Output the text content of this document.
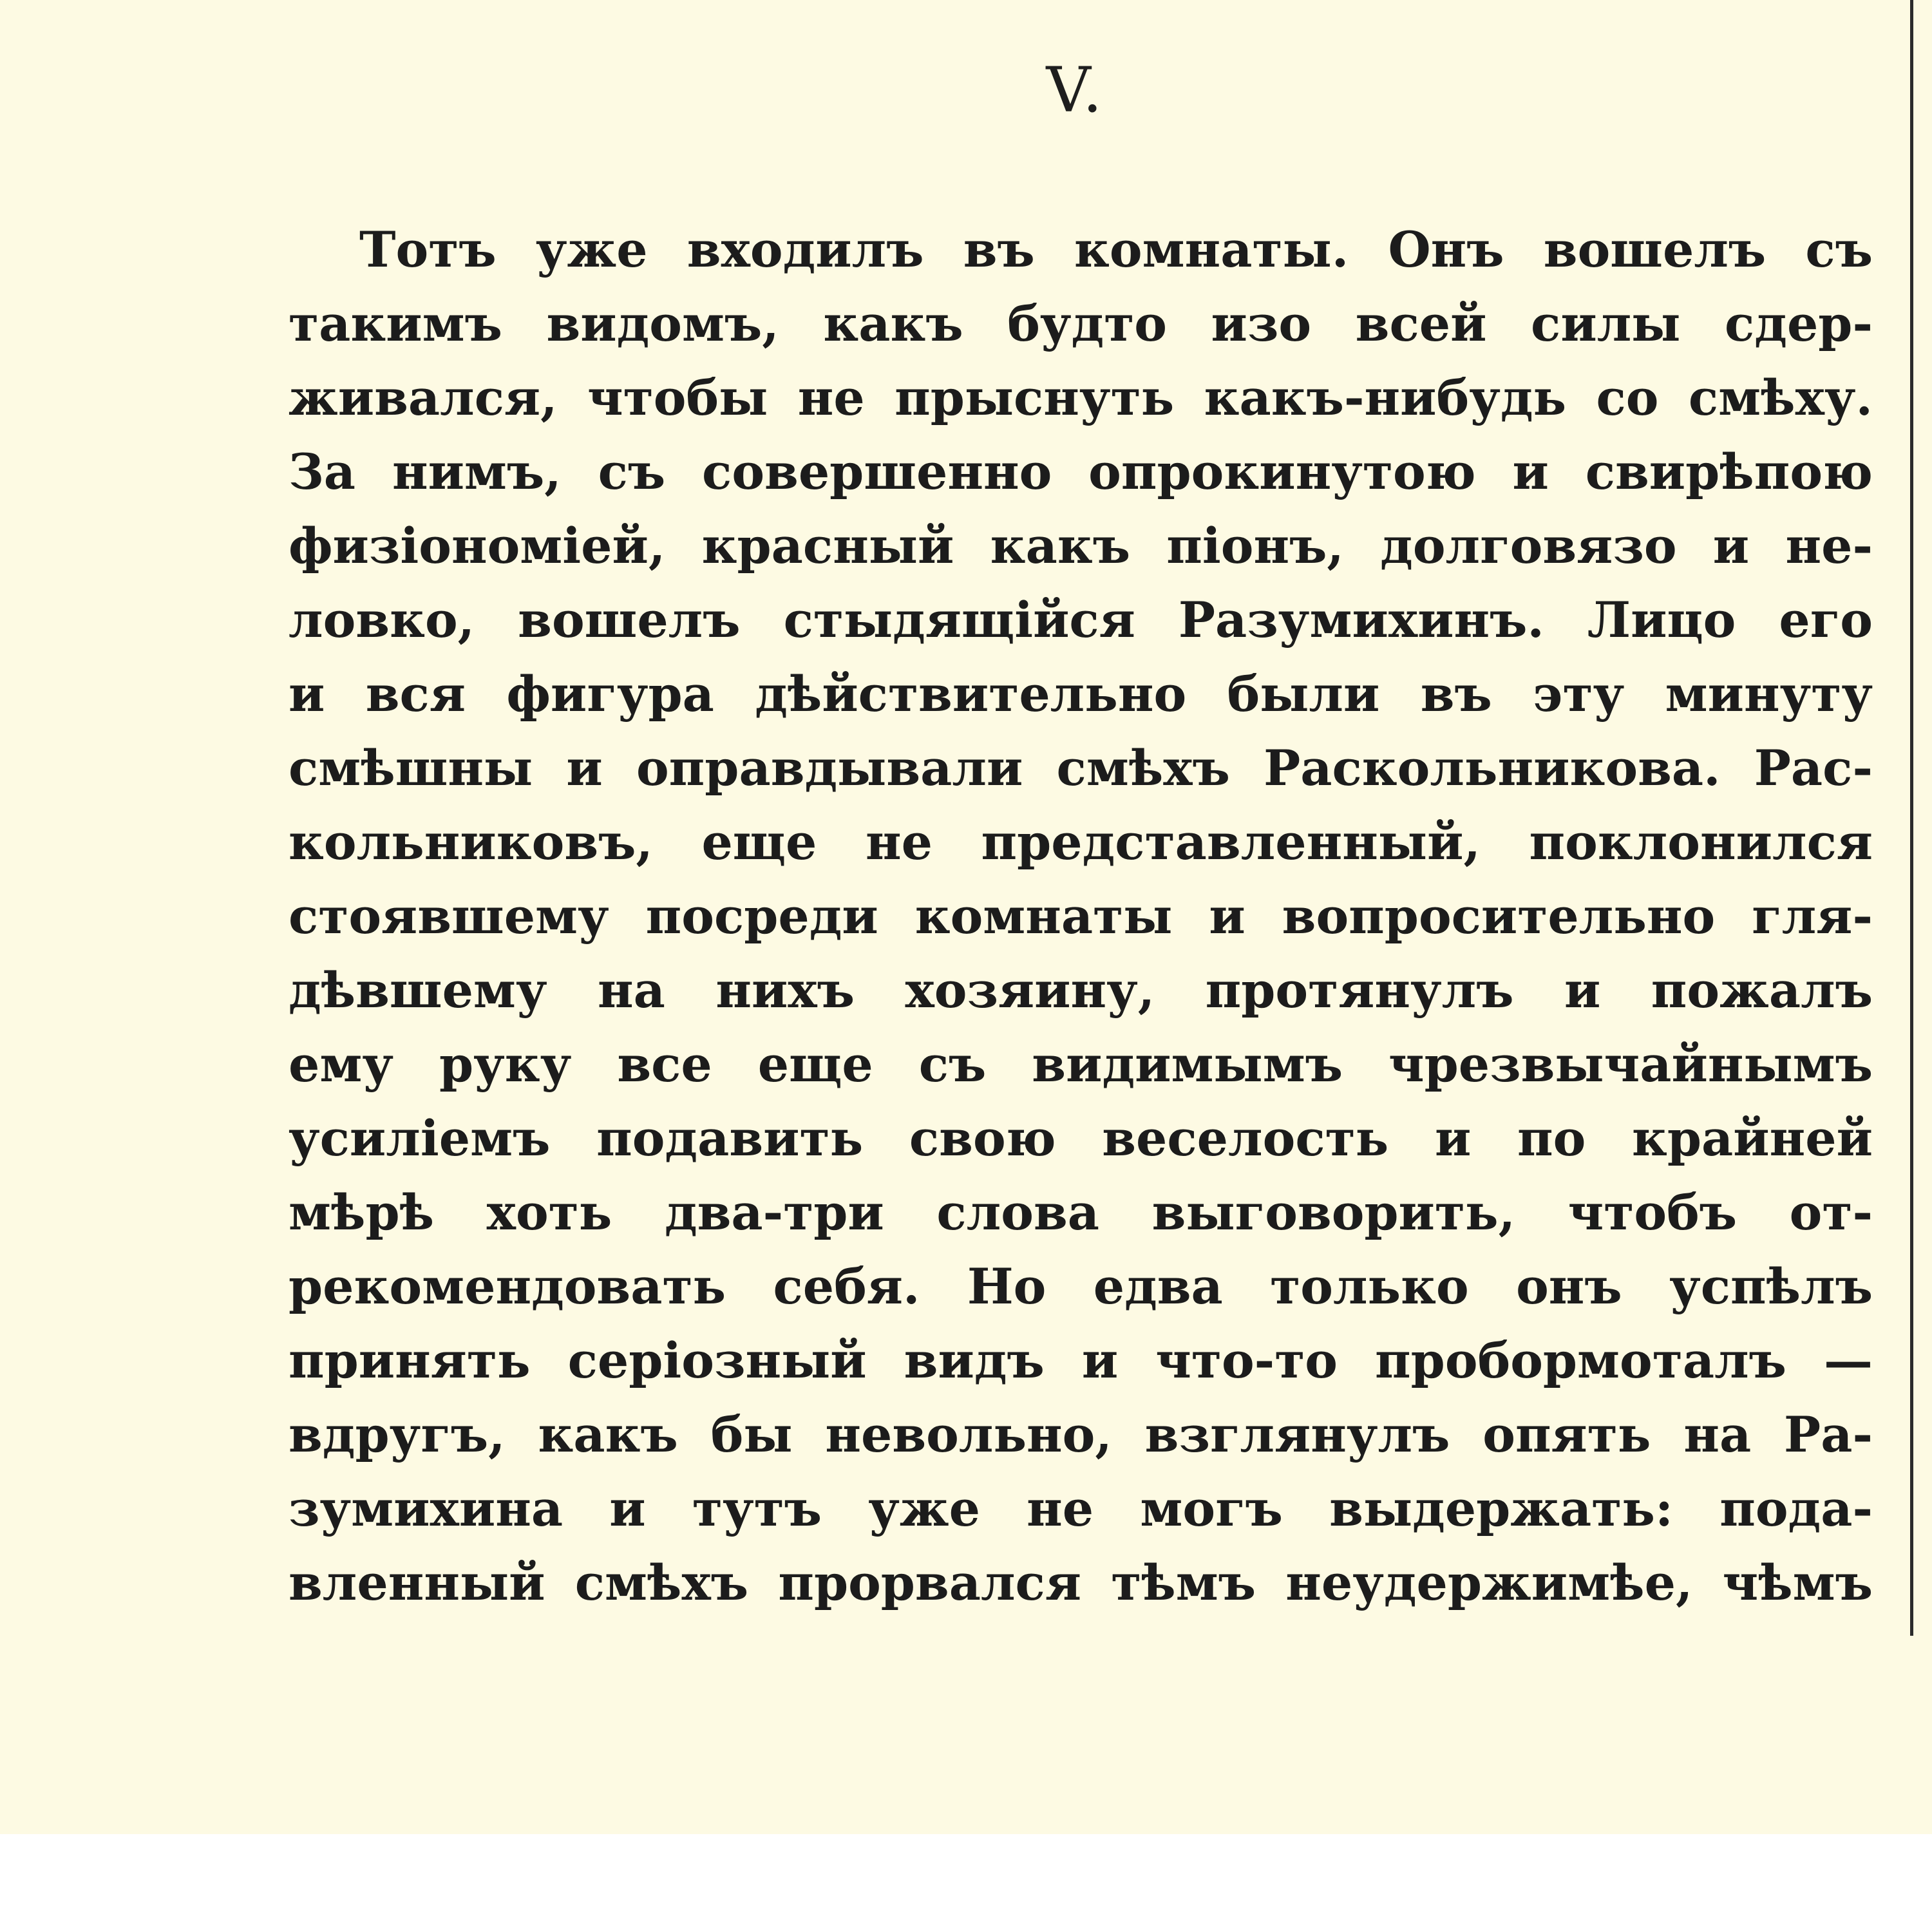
V.
Тотъ уже входилъ въ комнаты. Онъ вошелъ съ
такимъ видомъ, какъ будто изо всей силы сдер-
живался, чтобы не прыснуть какъ-нибудь со смѣху.
За нимъ, съ совершенно опрокинутою и свирѣпою
физіономіей, красный какъ піонъ, долговязо и не-
ловко, вошелъ стыдящійся Разумихинъ. Лицо его
и вся фигура дѣйствительно были въ эту минуту
смѣшны и оправдывали смѣхъ Раскольникова. Рас-
кольниковъ, еще не представленный, поклонился
стоявшему посреди комнаты и вопросительно гля-
дѣвшему на нихъ хозяину, протянулъ и пожалъ
ему руку все еще съ видимымъ чрезвычайнымъ
усиліемъ подавить свою веселость и по крайней
мѣрѣ хоть два-три слова выговорить, чтобъ от-
рекомендовать себя. Но едва только онъ успѣлъ
принять серіозный видъ и что-то пробормоталъ —
вдругъ, какъ бы невольно, взглянулъ опять на Ра-
зумихина и тутъ уже не могъ выдержать: пода-
вленный смѣхъ прорвался тѣмъ неудержимѣе, чѣмъ
